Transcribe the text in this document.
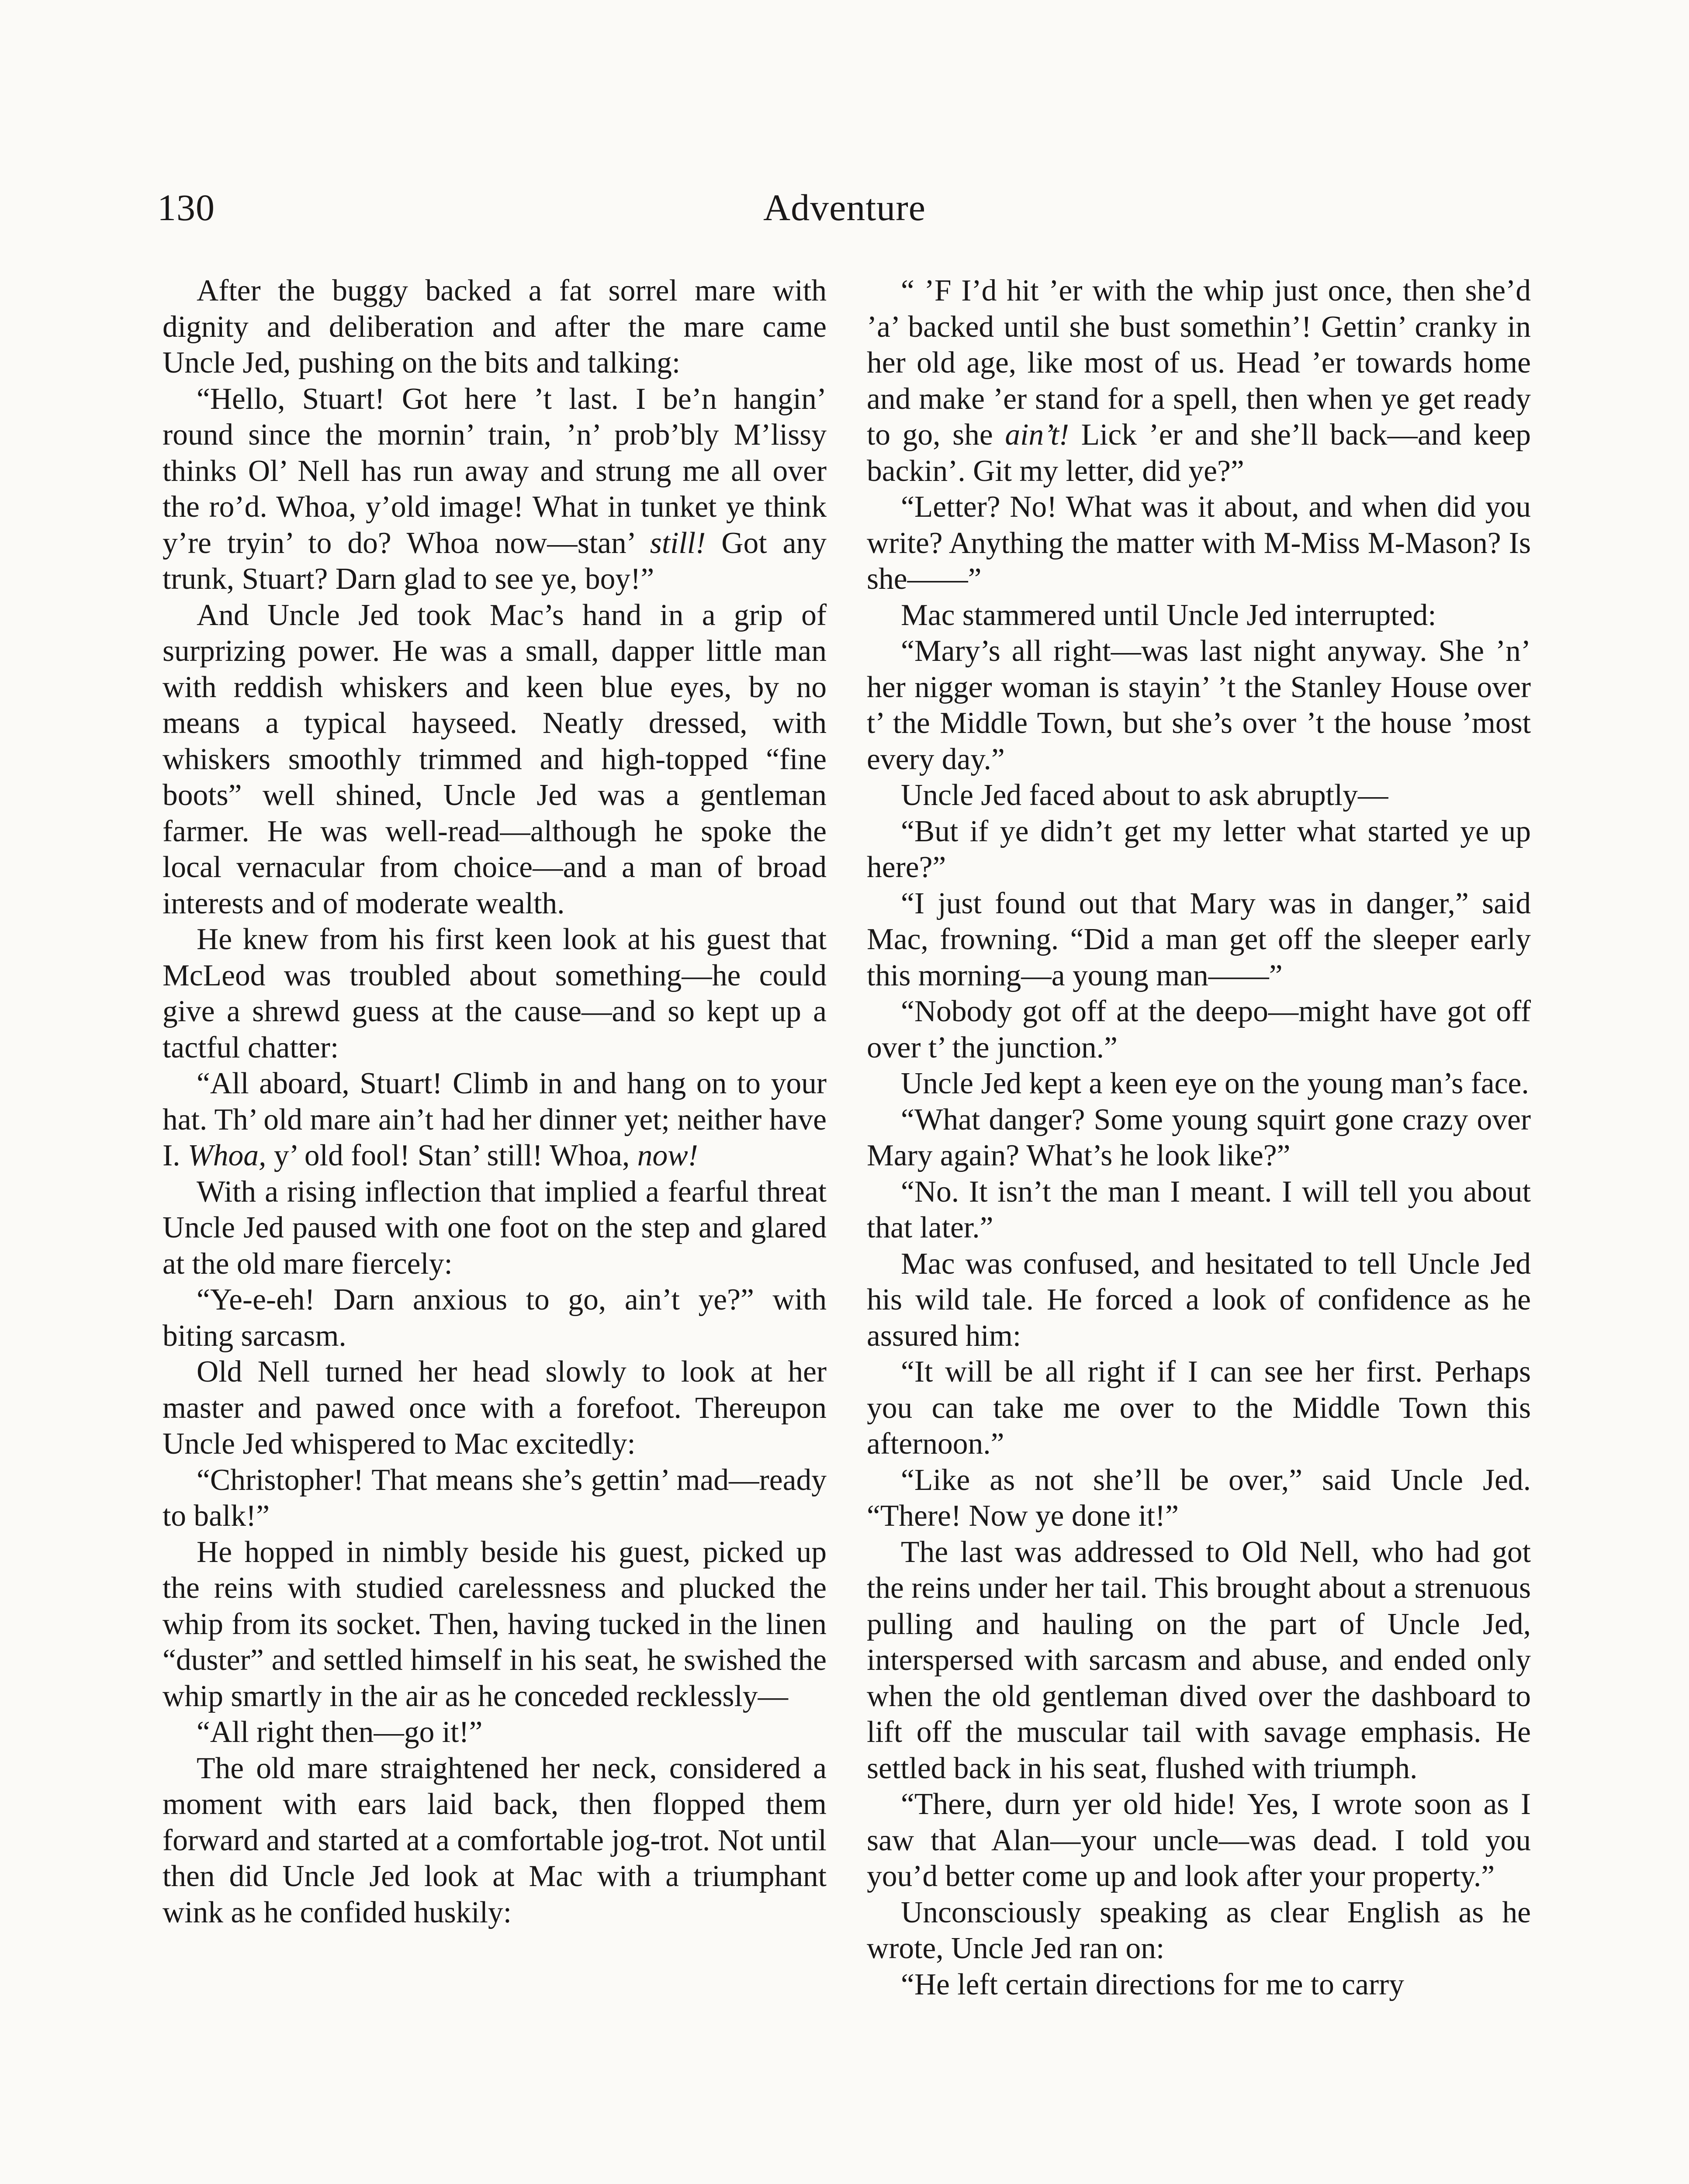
130	Adventure

After the buggy backed a fat sorrel mare with dignity and deliberation and after the mare came Uncle Jed, pushing on the bits and talking:

“Hello, Stuart! Got here ’t last. I be’n hangin’ round since the mornin’ train, ’n’ prob’bly M’lissy thinks Ol’ Nell has run away and strung me all over the ro’d. Whoa, y’old image! What in tunket ye think y’re tryin’ to do? Whoa now—stan’ still! Got any trunk, Stuart? Darn glad to see ye, boy!”

And Uncle Jed took Mac’s hand in a grip of surprizing power. He was a small, dapper little man with reddish whiskers and keen blue eyes, by no means a typical hayseed. Neatly dressed, with whiskers smoothly trimmed and high-topped “fine boots” well shined, Uncle Jed was a gentleman farmer. He was well-read—although he spoke the local vernacular from choice—and a man of broad interests and of moderate wealth.

He knew from his first keen look at his guest that McLeod was troubled about something—he could give a shrewd guess at the cause—and so kept up a tactful chatter:

“All aboard, Stuart! Climb in and hang on to your hat. Th’ old mare ain’t had her dinner yet; neither have I. Whoa, y’ old fool! Stan’ still! Whoa, now!

With a rising inflection that implied a fearful threat Uncle Jed paused with one foot on the step and glared at the old mare fiercely:

“Ye-e-eh! Darn anxious to go, ain’t ye?” with biting sarcasm.

Old Nell turned her head slowly to look at her master and pawed once with a forefoot. Thereupon Uncle Jed whispered to Mac excitedly:

“Christopher! That means she’s gettin’ mad—ready to balk!”

He hopped in nimbly beside his guest, picked up the reins with studied carelessness and plucked the whip from its socket. Then, having tucked in the linen “duster” and settled himself in his seat, he swished the whip smartly in the air as he conceded recklessly—

“All right then—go it!”

The old mare straightened her neck, considered a moment with ears laid back, then flopped them forward and started at a comfortable jog-trot. Not until then did Uncle Jed look at Mac with a triumphant wink as he confided huskily:

“ ’F I’d hit ’er with the whip just once, then she’d ’a’ backed until she bust somethin’! Gettin’ cranky in her old age, like most of us. Head ’er towards home and make ’er stand for a spell, then when ye get ready to go, she ain’t! Lick ’er and she’ll back—and keep backin’. Git my letter, did ye?”

“Letter? No! What was it about, and when did you write? Anything the matter with M-Miss M-Mason? Is she——”

Mac stammered until Uncle Jed interrupted:

“Mary’s all right—was last night anyway. She ’n’ her nigger woman is stayin’ ’t the Stanley House over t’ the Middle Town, but she’s over ’t the house ’most every day.”

Uncle Jed faced about to ask abruptly—

“But if ye didn’t get my letter what started ye up here?”

“I just found out that Mary was in danger,” said Mac, frowning. “Did a man get off the sleeper early this morning—a young man——”

“Nobody got off at the deepo—might have got off over t’ the junction.”

Uncle Jed kept a keen eye on the young man’s face.

“What danger? Some young squirt gone crazy over Mary again? What’s he look like?”

“No. It isn’t the man I meant. I will tell you about that later.”

Mac was confused, and hesitated to tell Uncle Jed his wild tale. He forced a look of confidence as he assured him:

“It will be all right if I can see her first. Perhaps you can take me over to the Middle Town this afternoon.”

“Like as not she’ll be over,” said Uncle Jed. “There! Now ye done it!”

The last was addressed to Old Nell, who had got the reins under her tail. This brought about a strenuous pulling and hauling on the part of Uncle Jed, interspersed with sarcasm and abuse, and ended only when the old gentleman dived over the dashboard to lift off the muscular tail with savage emphasis. He settled back in his seat, flushed with triumph.

“There, durn yer old hide! Yes, I wrote soon as I saw that Alan—your uncle—was dead. I told you you’d better come up and look after your property.”

Unconsciously speaking as clear English as he wrote, Uncle Jed ran on:

“He left certain directions for me to carry
